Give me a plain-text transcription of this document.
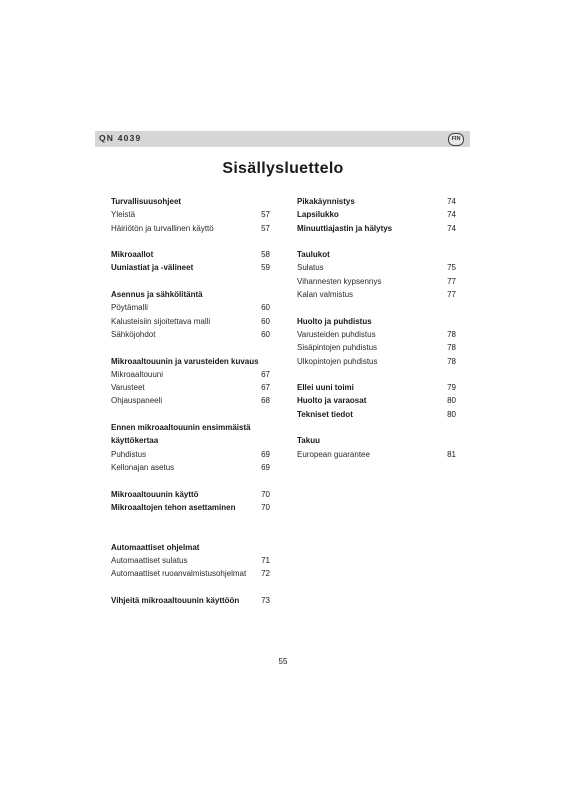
QN 4039	FIN
Sisällysluettelo
Turvallisuusohjeet
Yleistä	57
Häiriötön ja turvallinen käyttö	57
Mikroaallot	58
Uuniastiat ja -välineet	59
Asennus ja sähkölitäntä
Pöytämalli	60
Kalusteisiin sijoitettava malli	60
Sähköjohdot	60
Mikroaaltouunin ja varusteiden kuvaus
Mikroaaltouuni	67
Varusteet	67
Ohjauspaneeli	68
Ennen mikroaaltouunin ensimmäistä
käyttökertaa
Puhdistus	69
Kellonajan asetus	69
Mikroaaltouunin käyttö	70
Mikroaaltojen tehon asettaminen	70
Automaattiset ohjelmat
Automaattiset sulatus	71
Automaattiset ruoanvalmistusohjelmat 72
Vihjeitä mikroaaltouunin käyttöön	73
Pikakäynnistys	74
Lapsilukko	74
Minuuttiajastin ja hälytys	74
Taulukot
Sulatus	75
Vihannesten kypsennys	77
Kalan valmistus	77
Huolto ja puhdistus
Varusteiden puhdistus	78
Sisäpintojen puhdistus	78
Ulkopintojen puhdistus	78
Ellei uuni toimi	79
Huolto ja varaosat	80
Tekniset tiedot	80
Takuu
European guarantee	81
55
